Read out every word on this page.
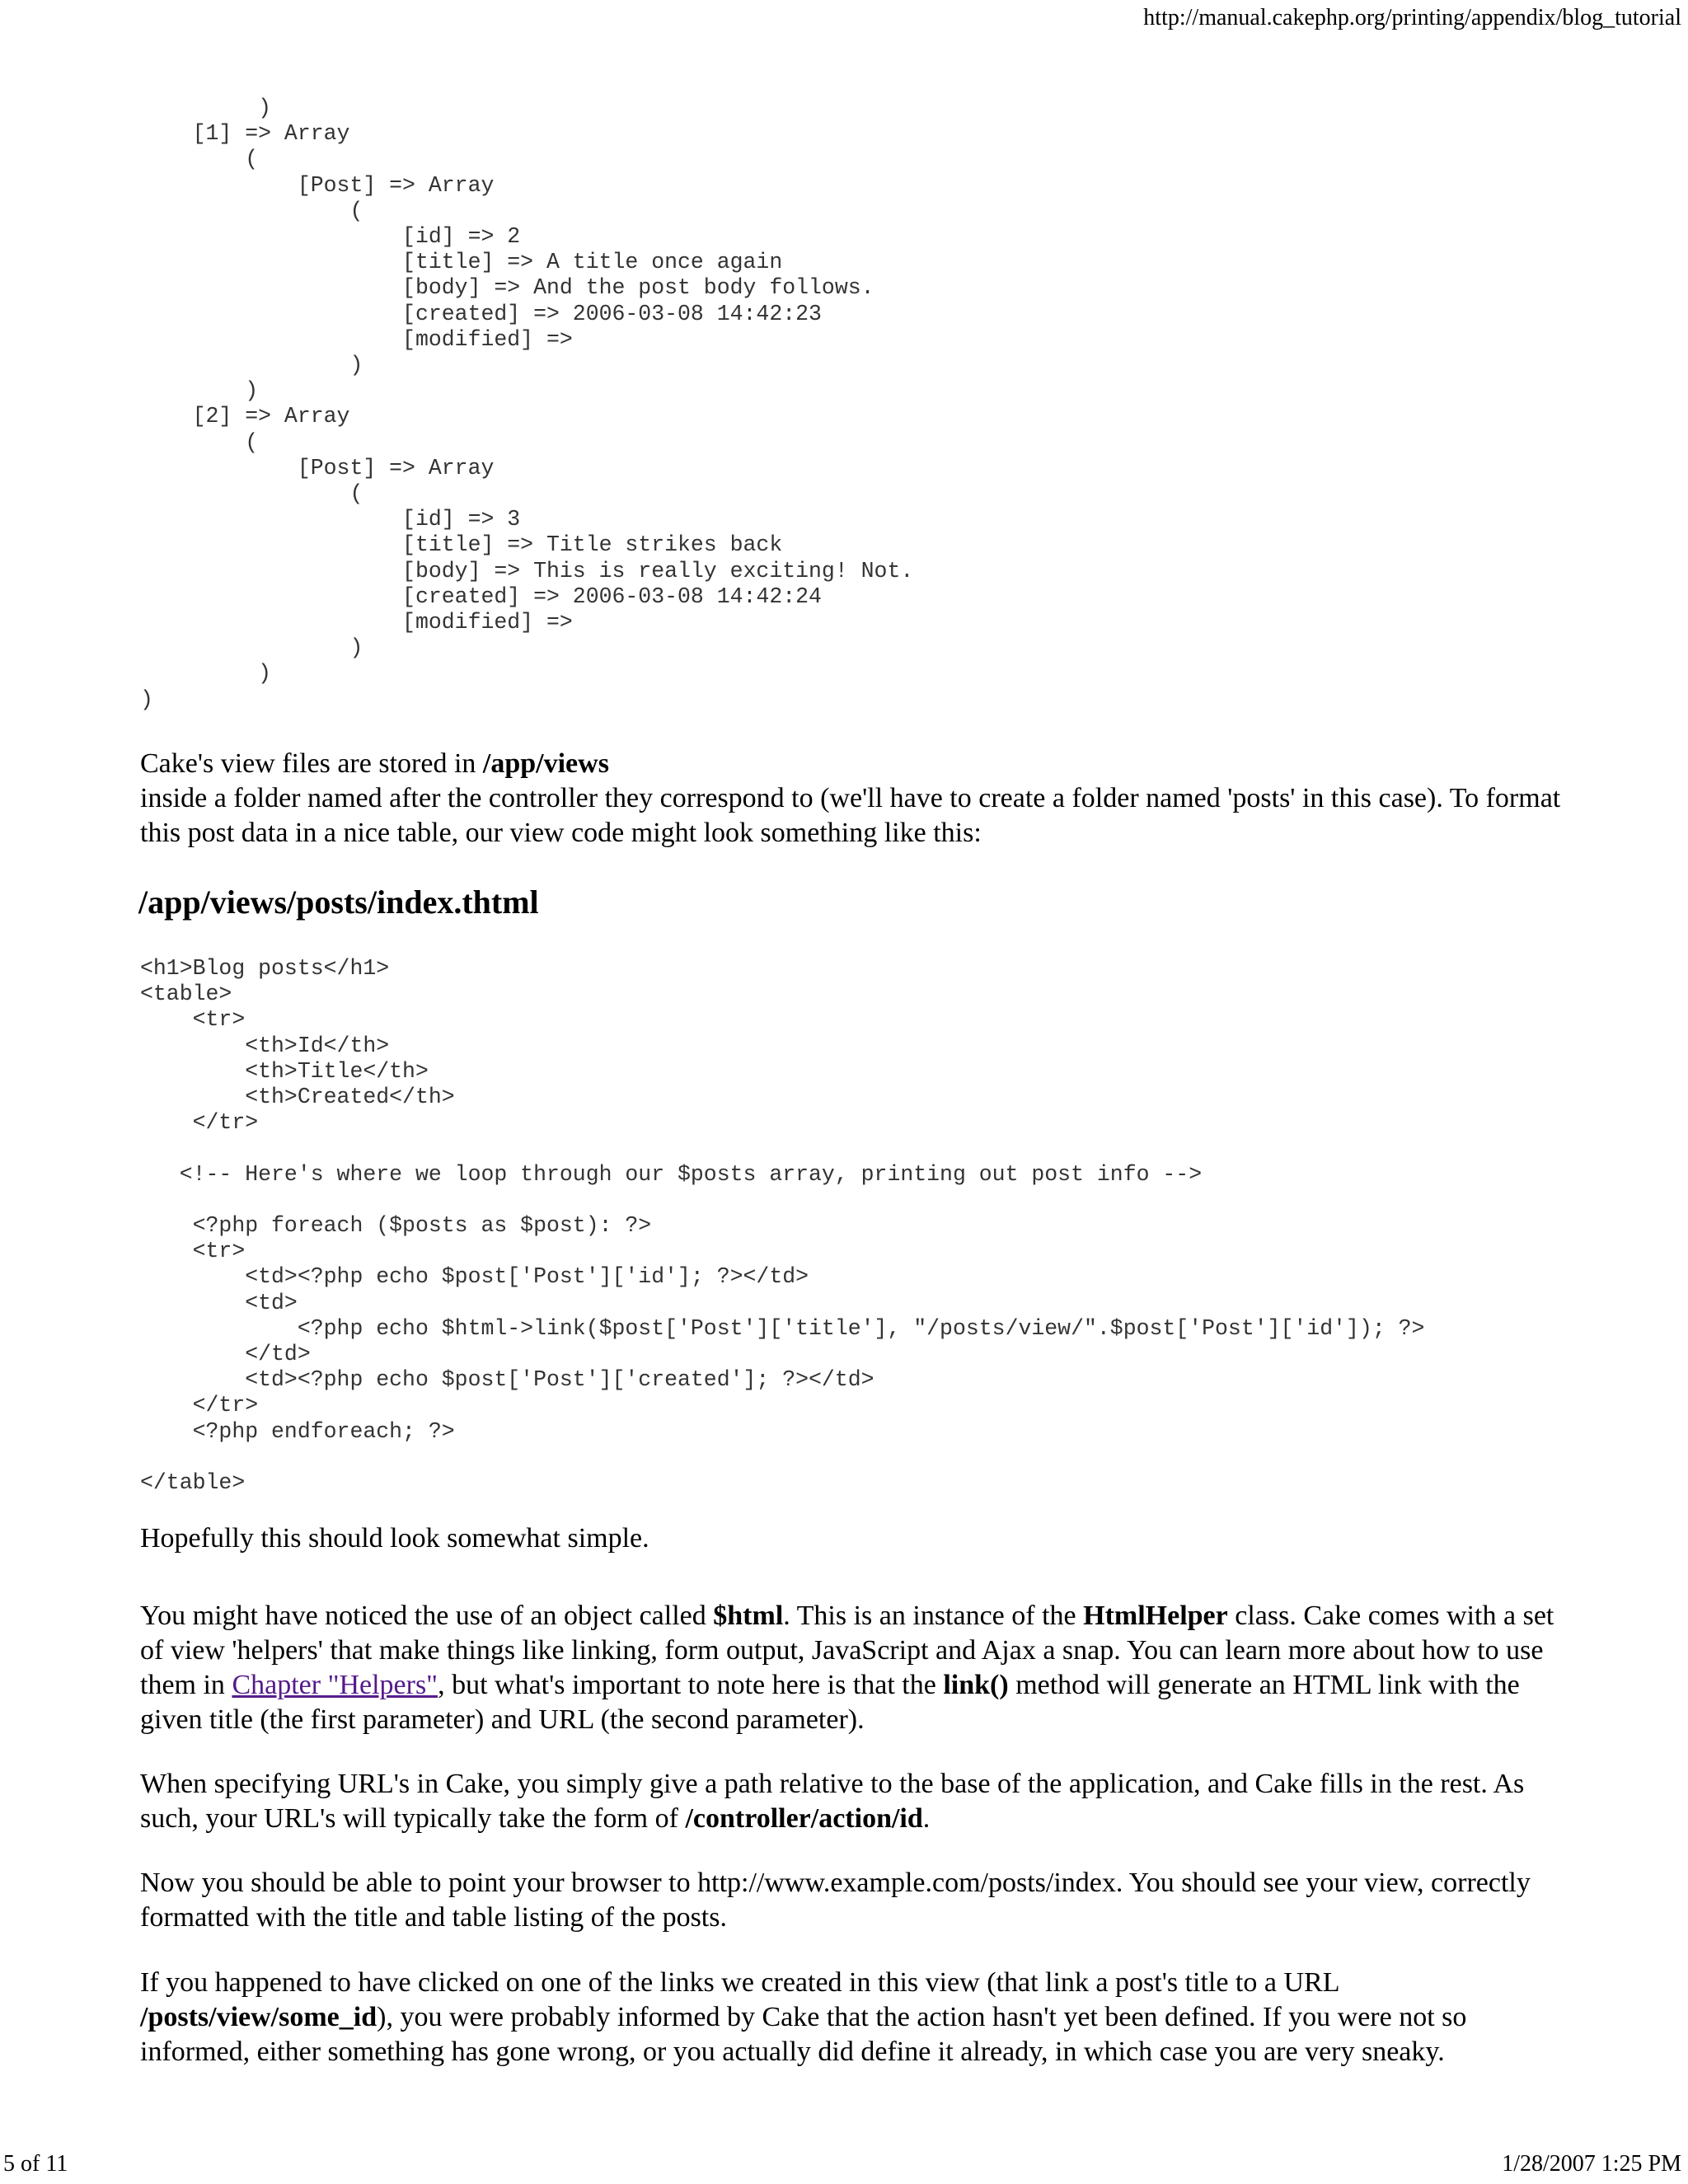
http://manual.cakephp.org/printing/appendix/blog_tutorial
)
[1] => Array
(
[Post] => Array
(
[id] => 2
[title] => A title once again
[body] => And the post body follows.
[created] => 2006-03-08 14:42:23
[modified] =>
)
)
[2] => Array
(
[Post] => Array
(
[id] => 3
[title] => Title strikes back
[body] => This is really exciting! Not.
[created] => 2006-03-08 14:42:24
[modified] =>
)
)
)

Cake's view files are stored in /app/views
inside a folder named after the controller they correspond to (we'll have to create a folder named 'posts' in this case). To format this post data in a nice table, our view code might look something like this:

/app/views/posts/index.thtml
<h1>Blog posts</h1>
<table>
<tr>
<th>Id</th>
<th>Title</th>
<th>Created</th>
</tr>

<!-- Here's where we loop through our $posts array, printing out post info -->

<?php foreach ($posts as $post): ?>
<tr>
<td><?php echo $post['Post']['id']; ?></td>
<td>
<?php echo $html->link($post['Post']['title'], "/posts/view/".$post['Post']['id']); ?>
</td>
<td><?php echo $post['Post']['created']; ?></td>
</tr>
<?php endforeach; ?>

</table>

Hopefully this should look somewhat simple.

You might have noticed the use of an object called $html. This is an instance of the HtmlHelper class. Cake comes with a set of view 'helpers' that make things like linking, form output, JavaScript and Ajax a snap. You can learn more about how to use them in Chapter "Helpers", but what's important to note here is that the link() method will generate an HTML link with the given title (the first parameter) and URL (the second parameter).

When specifying URL's in Cake, you simply give a path relative to the base of the application, and Cake fills in the rest. As such, your URL's will typically take the form of /controller/action/id.

Now you should be able to point your browser to http://www.example.com/posts/index. You should see your view, correctly formatted with the title and table listing of the posts.

If you happened to have clicked on one of the links we created in this view (that link a post's title to a URL /posts/view/some_id), you were probably informed by Cake that the action hasn't yet been defined. If you were not so informed, either something has gone wrong, or you actually did define it already, in which case you are very sneaky.

5 of 11	1/28/2007 1:25 PM
